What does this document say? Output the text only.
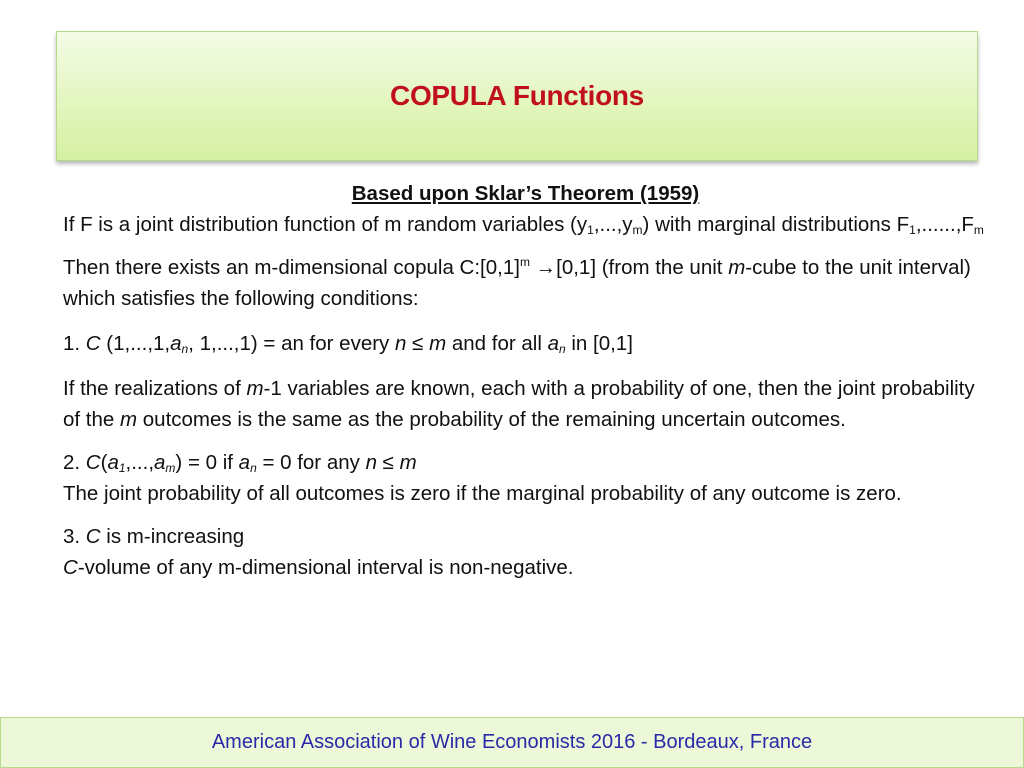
COPULA Functions

Based upon Sklar’s Theorem (1959)

If F is a joint distribution function of m random variables $(y_1,...,y_m)$ with marginal distributions $F_1,......,F_m$

Then there exists an m-dimensional copula $C:[0,1]^m \to[0,1]$ (from the unit m-cube to the unit interval) which satisfies the following conditions:

1. C ($1,...,1,a_n$, 1,...,1) = an for every n ≤ m and for all $a_n$ in [0,1]

If the realizations of m-1 variables are known, each with a probability of one, then the joint probability of the m outcomes is the same as the probability of the remaining uncertain outcomes.

2. $C(a_1,...,a_m) = 0$ if $a_n = 0$ for any n ≤ m

The joint probability of all outcomes is zero if the marginal probability of any outcome is zero.

3. C is m-increasing

C-volume of any m-dimensional interval is non-negative.

American Association of Wine Economists 2016 - Bordeaux, France
